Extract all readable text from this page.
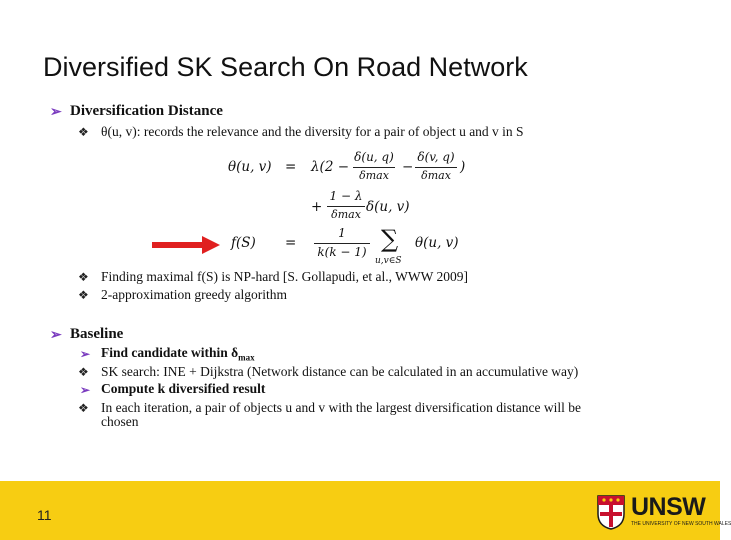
Diversified SK Search On Road Network
➢ Diversification Distance
❖ θ(u, v): records the relevance and the diversity for a pair of object u and v in S
θ(u, v) = λ(2 −
δ(u, q)
δmax
−
δ(v, q)
δmax
)
+
1 − λ
δmax δ(u, v)
f(S) =
1
k(k − 1) ∑
u,v∈S
θ(u, v)
❖ Finding maximal f(S) is NP-hard [S. Gollapudi, et al., WWW 2009]
❖ 2-approximation greedy algorithm
➢ Baseline
➢ Find candidate within $\delta_{max}$
❖ SK search: INE + Dijkstra (Network distance can be calculated in an accumulative way)
➢ Compute k diversified result
❖ In each iteration, a pair of objects u and v with the largest diversification distance will be
chosen
11	UNSW
THE UNIVERSITY OF NEW SOUTH WALES
